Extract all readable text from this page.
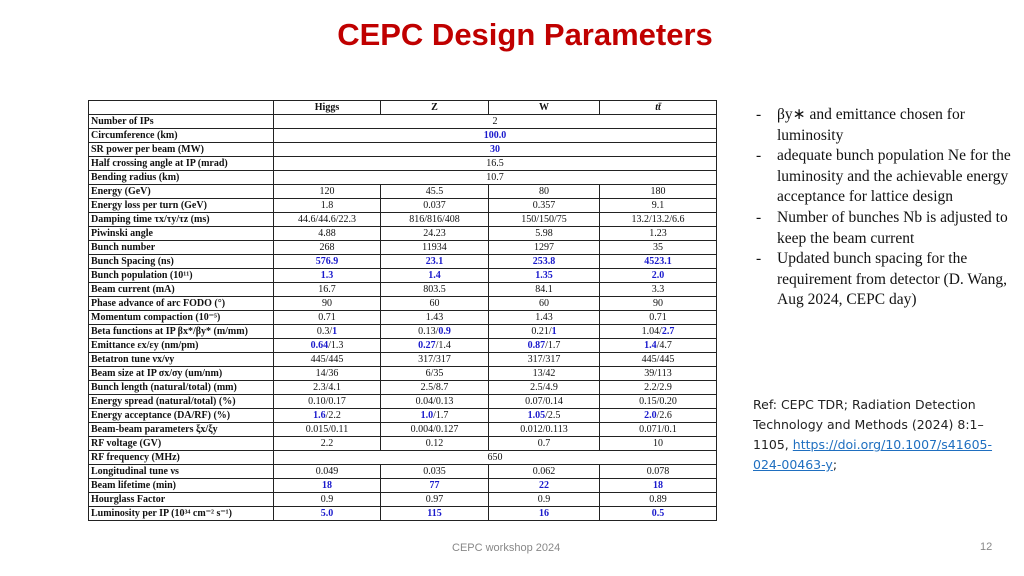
CEPC Design Parameters
	Higgs	Z	W	tt̄
Number of IPs	2			
Circumference (km)	100.0			
SR power per beam (MW)	30			
Half crossing angle at IP (mrad)	16.5			
Bending radius (km)	10.7			
Energy (GeV)	120	45.5	80	180
Energy loss per turn (GeV)	1.8	0.037	0.357	9.1
Damping time τx/τy/τz (ms)	44.6/44.6/22.3	816/816/408	150/150/75	13.2/13.2/6.6
Piwinski angle	4.88	24.23	5.98	1.23
Bunch number	268	11934	1297	35
Bunch Spacing (ns)	576.9	23.1	253.8	4523.1
Bunch population (10¹¹)	1.3	1.4	1.35	2.0
Beam current (mA)	16.7	803.5	84.1	3.3
Phase advance of arc FODO (°)	90	60	60	90
Momentum compaction (10⁻⁵)	0.71	1.43	1.43	0.71
Beta functions at IP βx*/βy* (m/mm)	0.3/1	0.13/0.9	0.21/1	1.04/2.7
Emittance εx/εy (nm/pm)	0.64/1.3	0.27/1.4	0.87/1.7	1.4/4.7
Betatron tune νx/νy	445/445	317/317	317/317	445/445
Beam size at IP σx/σy (um/nm)	14/36	6/35	13/42	39/113
Bunch length (natural/total) (mm)	2.3/4.1	2.5/8.7	2.5/4.9	2.2/2.9
Energy spread (natural/total) (%)	0.10/0.17	0.04/0.13	0.07/0.14	0.15/0.20
Energy acceptance (DA/RF) (%)	1.6/2.2	1.0/1.7	1.05/2.5	2.0/2.6
Beam-beam parameters ξx/ξy	0.015/0.11	0.004/0.127	0.012/0.113	0.071/0.1
RF voltage (GV)	2.2	0.12	0.7	10
RF frequency (MHz)	650			
Longitudinal tune νs	0.049	0.035	0.062	0.078
Beam lifetime (min)	18	77	22	18
Hourglass Factor	0.9	0.97	0.9	0.89
Luminosity per IP (10³⁴ cm⁻² s⁻¹)	5.0	115	16	0.5
- βy∗ and emittance chosen for luminosity
- adequate bunch population Ne for the luminosity and the achievable energy acceptance for lattice design
- Number of bunches Nb is adjusted to keep the beam current
- Updated bunch spacing for the requirement from detector (D. Wang, Aug 2024, CEPC day)
Ref: CEPC TDR; Radiation Detection Technology and Methods (2024) 8:1–1105, https://doi.org/10.1007/s41605-024-00463-y;
CEPC workshop 2024	12
